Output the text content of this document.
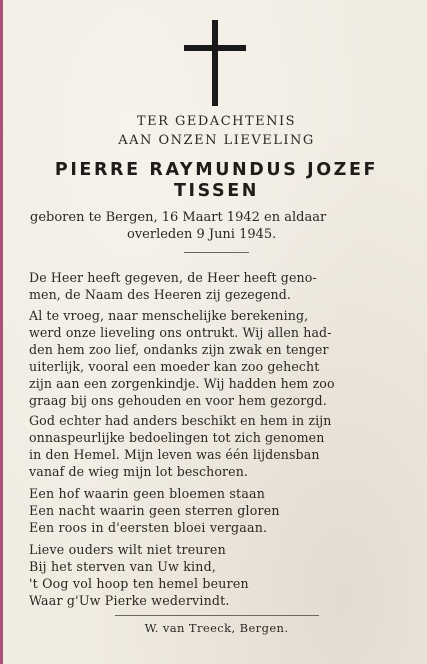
TER GEDACHTENIS
AAN ONZEN LIEVELING
PIERRE RAYMUNDUS JOZEF
TISSEN
geboren te Bergen, 16 Maart 1942 en aldaar
overleden 9 Juni 1945.
De Heer heeft gegeven, de Heer heeft geno-
men, de Naam des Heeren zij gezegend.
Al te vroeg, naar menschelijke berekening,
werd onze lieveling ons ontrukt. Wij allen had-
den hem zoo lief, ondanks zijn zwak en tenger
uiterlijk, vooral een moeder kan zoo gehecht
zijn aan een zorgenkindje. Wij hadden hem zoo
graag bij ons gehouden en voor hem gezorgd.
God echter had anders beschikt en hem in zijn
onnaspeurlijke bedoelingen tot zich genomen
in den Hemel. Mijn leven was één lijdensban
vanaf de wieg mijn lot beschoren.
Een hof waarin geen bloemen staan
Een nacht waarin geen sterren gloren
Een roos in d'eersten bloei vergaan.
Lieve ouders wilt niet treuren
Bij het sterven van Uw kind,
't Oog vol hoop ten hemel beuren
Waar g'Uw Pierke wedervindt.
W. van Treeck, Bergen.
